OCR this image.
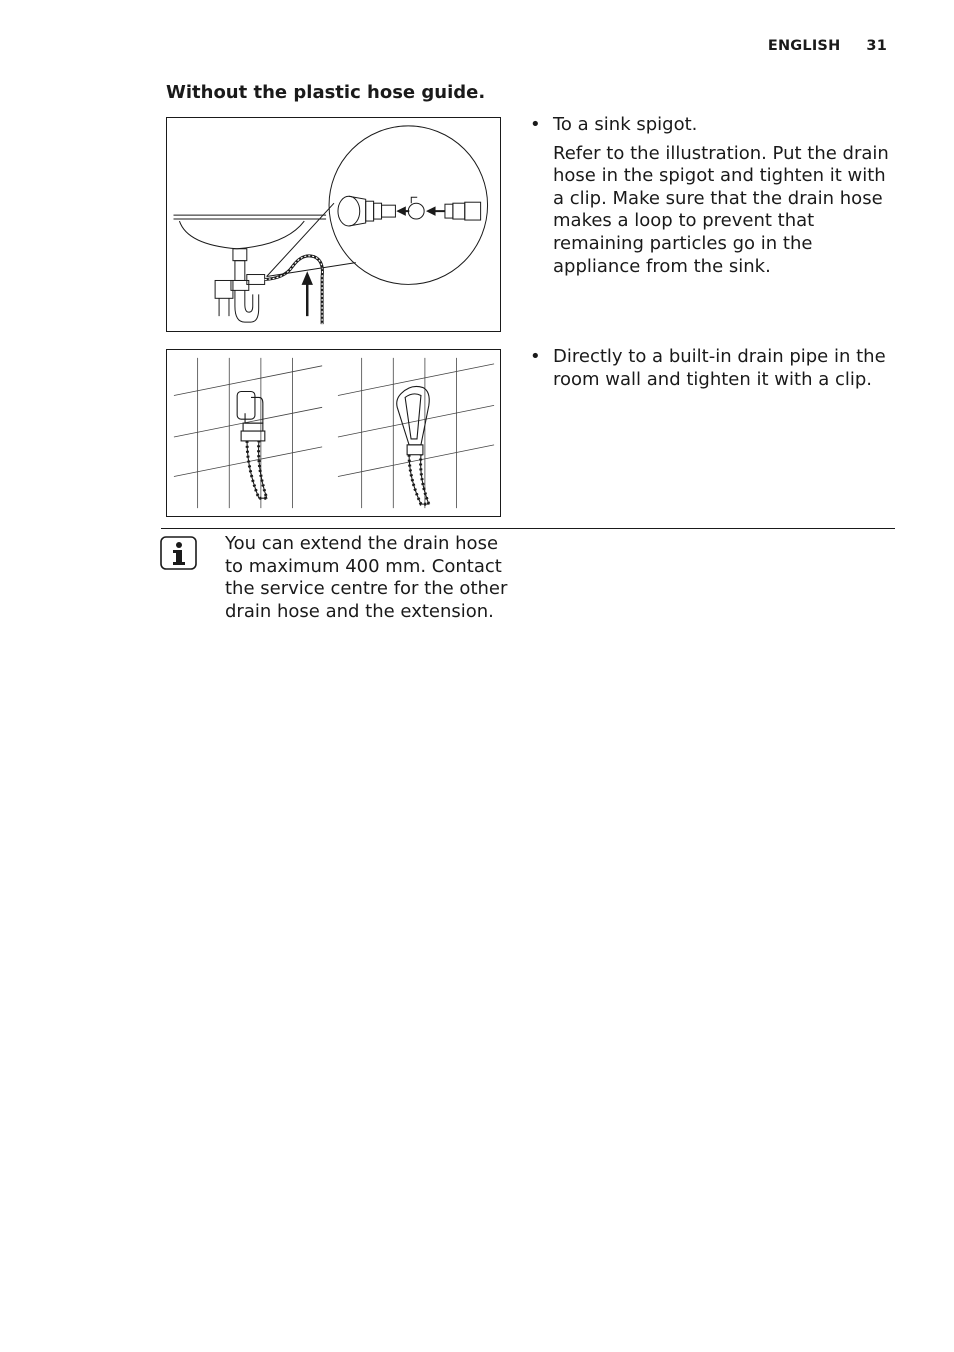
ENGLISH 31
Without the plastic hose guide.
• To a sink spigot.

Refer to the illustration. Put the drain hose in the spigot and tighten it with a clip. Make sure that the drain hose makes a loop to prevent that remaining particles go in the appliance from the sink.

• Directly to a built-in drain pipe in the room wall and tighten it with a clip.
You can extend the drain hose to maximum 400 mm. Contact the service centre for the other drain hose and the extension.
